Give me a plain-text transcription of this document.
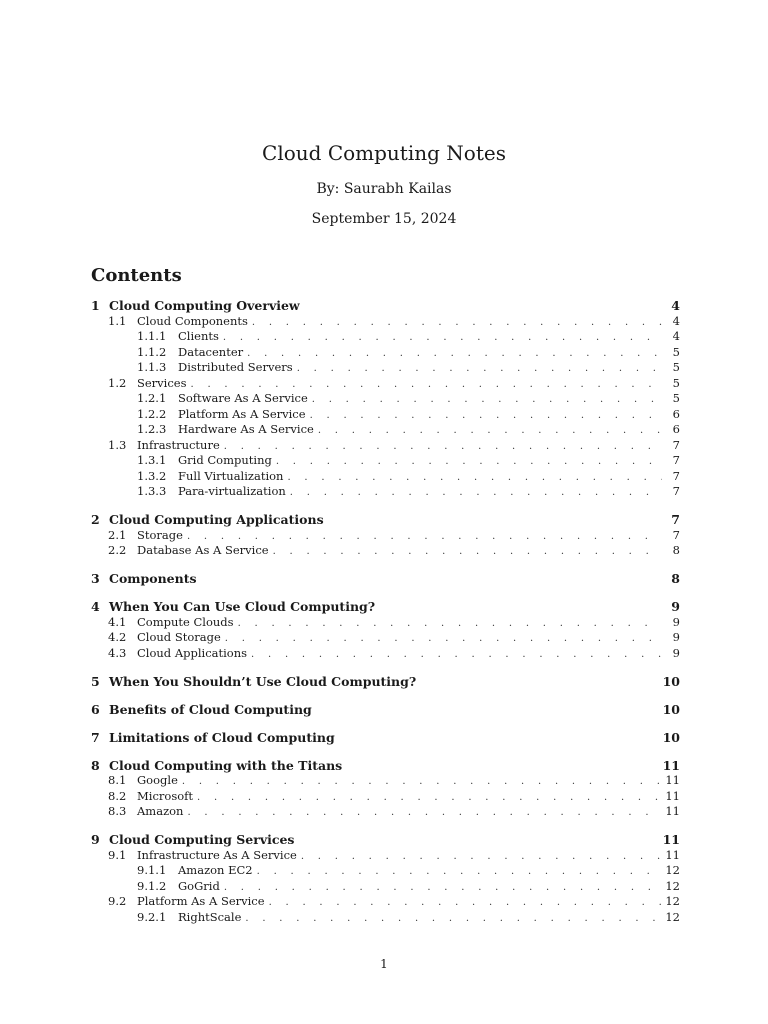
Cloud Computing Notes
By: Saurabh Kailas
September 15, 2024
Contents
1 Cloud Computing Overview	4
1.1 Cloud Components . . .	4
1.1.1	Clients . . .	4
1.1.2	Datacenter . . .	5
1.1.3	Distributed Servers . . .	5
1.2 Services . . .	5
1.2.1	Software As A Service . . .	5
1.2.2	Platform As A Service . . .	6
1.2.3	Hardware As A Service . . .	6
1.3 Infrastructure . . .	7
1.3.1	Grid Computing . . .	7
1.3.2	Full Virtualization . . .	7
1.3.3	Para-virtualization . . .	7
2 Cloud Computing Applications	7
2.1 Storage . . .	7
2.2 Database As A Service . . .	8
3 Components	8
4 When You Can Use Cloud Computing?	9
4.1 Compute Clouds . . .	9
4.2 Cloud Storage . . .	9
4.3 Cloud Applications . . .	9
5 When You Shouldn’t Use Cloud Computing?	10
6 Benefits of Cloud Computing	10
7 Limitations of Cloud Computing	10
8 Cloud Computing with the Titans	11
8.1 Google . . .	11
8.2 Microsoft . . .	11
8.3 Amazon . . .	11
9 Cloud Computing Services	11
9.1 Infrastructure As A Service . . .	11
9.1.1	Amazon EC2 . . .	12
9.1.2	GoGrid . . .	12
9.2 Platform As A Service . . .	12
9.2.1	RightScale . . .	12
1
